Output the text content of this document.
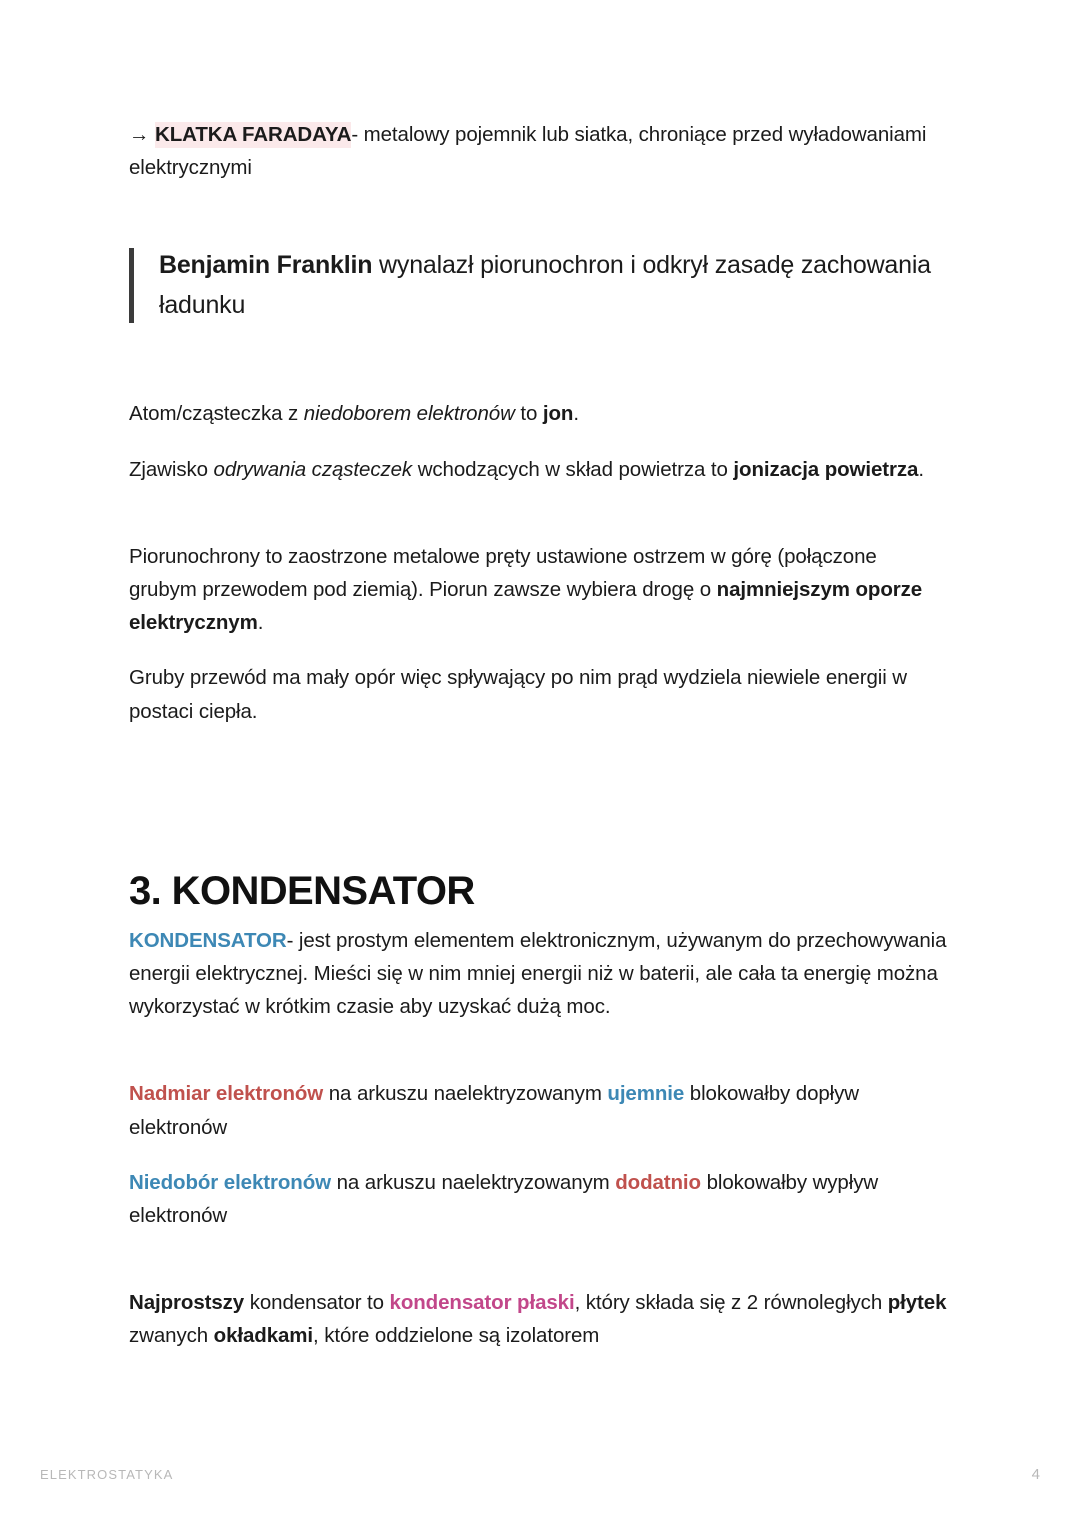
→ KLATKA FARADAYA- metalowy pojemnik lub siatka, chroniące przed wyładowaniami elektrycznymi

Benjamin Franklin wynalazł piorunochron i odkrył zasadę zachowania ładunku

Atom/cząsteczka z niedoborem elektronów to jon.

Zjawisko odrywania cząsteczek wchodzących w skład powietrza to jonizacja powietrza.

Piorunochrony to zaostrzone metalowe pręty ustawione ostrzem w górę (połączone grubym przewodem pod ziemią). Piorun zawsze wybiera drogę o najmniejszym oporze elektrycznym.

Gruby przewód ma mały opór więc spływający po nim prąd wydziela niewiele energii w postaci ciepła.

3. KONDENSATOR

KONDENSATOR- jest prostym elementem elektronicznym, używanym do przechowywania energii elektrycznej. Mieści się w nim mniej energii niż w baterii, ale cała ta energię można wykorzystać w krótkim czasie aby uzyskać dużą moc.

Nadmiar elektronów na arkuszu naelektryzowanym ujemnie blokowałby dopływ elektronów

Niedobór elektronów na arkuszu naelektryzowanym dodatnio blokowałby wypływ elektronów

Najprostszy kondensator to kondensator płaski, który składa się z 2 równoległych płytek zwanych okładkami, które oddzielone są izolatorem

ELEKTROSTATYKA	4
